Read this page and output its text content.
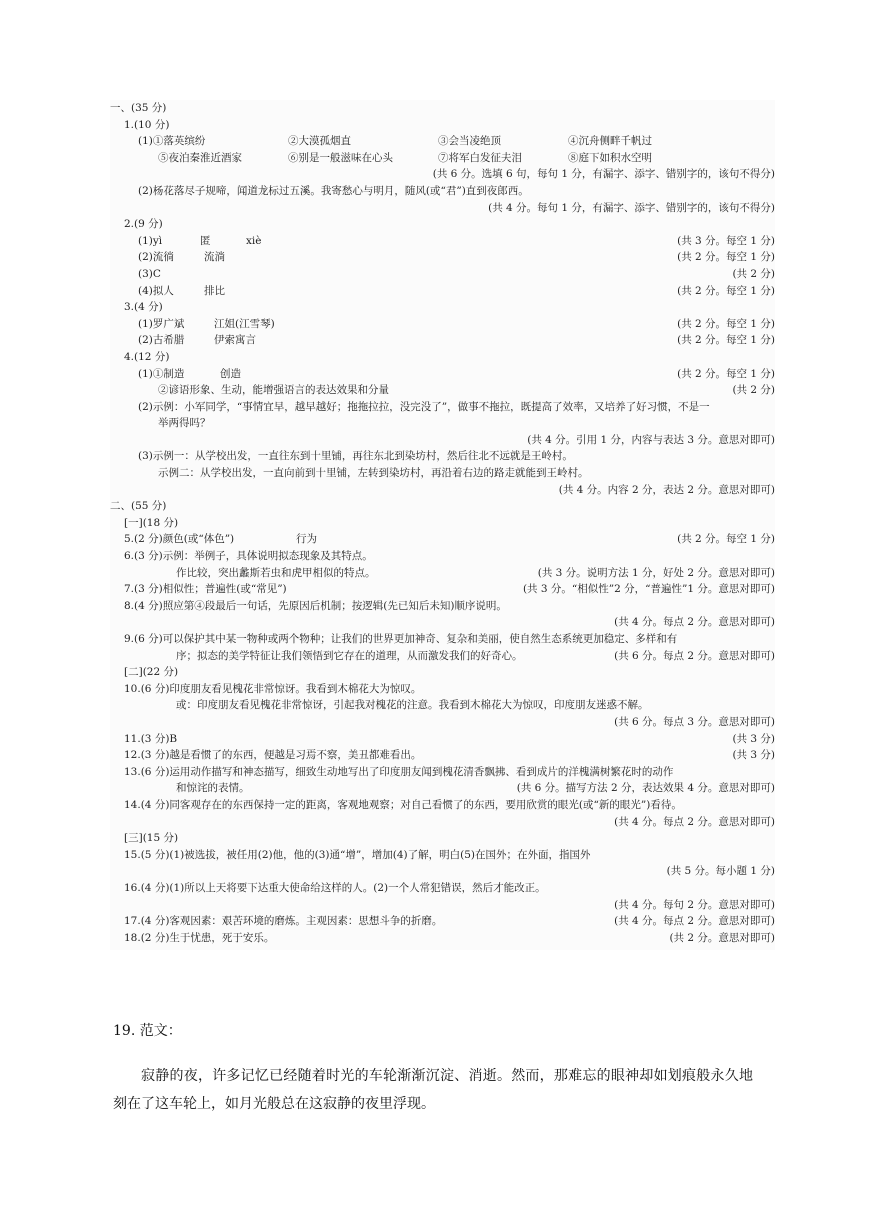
一、(35 分)
1.(10 分)
(1)①落英缤纷	②大漠孤烟直	③会当凌绝顶	④沉舟侧畔千帆过
⑤夜泊秦淮近酒家	⑥别是一般滋味在心头	⑦将军白发征夫泪	⑧庭下如积水空明
(共 6 分。选填 6 句，每句 1 分，有漏字、添字、错别字的，该句不得分)
(2)杨花落尽子规啼，闻道龙标过五溪。我寄愁心与明月，随风(或“君”)直到夜郎西。
(共 4 分。每句 1 分，有漏字、添字、错别字的，该句不得分)
2.(9 分)
(1)yì	匿	xiè	(共 3 分。每空 1 分)
(2)流徜	流淌	(共 2 分。每空 1 分)
(3)C	(共 2 分)
(4)拟人	排比	(共 2 分。每空 1 分)
3.(4 分)
(1)罗广斌	江姐(江雪琴)	(共 2 分。每空 1 分)
(2)古希腊	伊索寓言	(共 2 分。每空 1 分)
4.(12 分)
(1)①制造	创造	(共 2 分。每空 1 分)
②谚语形象、生动，能增强语言的表达效果和分量	(共 2 分)
(2)示例：小军同学，“事情宜早，越早越好；拖拖拉拉，没完没了”，做事不拖拉，既提高了效率，又培养了好习惯，不是一
举两得吗？
(共 4 分。引用 1 分，内容与表达 3 分。意思对即可)
(3)示例一：从学校出发，一直往东到十里铺，再往东北到染坊村，然后往北不远就是王岭村。
示例二：从学校出发，一直向前到十里铺，左转到染坊村，再沿着右边的路走就能到王岭村。
(共 4 分。内容 2 分，表达 2 分。意思对即可)
二、(55 分)
[一](18 分)
5.(2 分)颜色(或“体色”)	行为	(共 2 分。每空 1 分)
6.(3 分)示例：举例子，具体说明拟态现象及其特点。
作比较，突出蠡斯若虫和虎甲相似的特点。	(共 3 分。说明方法 1 分，好处 2 分。意思对即可)
7.(3 分)相似性；普遍性(或“常见”)	(共 3 分。“相似性”2 分，“普遍性”1 分。意思对即可)
8.(4 分)照应第④段最后一句话，先原因后机制；按逻辑(先已知后未知)顺序说明。
(共 4 分。每点 2 分。意思对即可)
9.(6 分)可以保护其中某一物种或两个物种；让我们的世界更加神奇、复杂和美丽，使自然生态系统更加稳定、多样和有
序；拟态的美学特征让我们领悟到它存在的道理，从而激发我们的好奇心。	(共 6 分。每点 2 分。意思对即可)
[二](22 分)
10.(6 分)印度朋友看见槐花非常惊讶。我看到木棉花大为惊叹。
或：印度朋友看见槐花非常惊讶，引起我对槐花的注意。我看到木棉花大为惊叹，印度朋友迷惑不解。
(共 6 分。每点 3 分。意思对即可)
11.(3 分)B	(共 3 分)
12.(3 分)越是看惯了的东西，便越是习焉不察，美丑都难看出。	(共 3 分)
13.(6 分)运用动作描写和神态描写，细致生动地写出了印度朋友闻到槐花清香飘拂、看到成片的洋槐满树繁花时的动作
和惊诧的表情。	(共 6 分。描写方法 2 分，表达效果 4 分。意思对即可)
14.(4 分)同客观存在的东西保持一定的距离，客观地观察；对自己看惯了的东西，要用欣赏的眼光(或“新的眼光”)看待。
(共 4 分。每点 2 分。意思对即可)
[三](15 分)
15.(5 分)(1)被选拔，被任用(2)他，他的(3)通“增”，增加(4)了解，明白(5)在国外；在外面，指国外
(共 5 分。每小题 1 分)
16.(4 分)(1)所以上天将要下达重大使命给这样的人。(2)一个人常犯错误，然后才能改正。
(共 4 分。每句 2 分。意思对即可)
17.(4 分)客观因素：艰苦环境的磨炼。主观因素：思想斗争的折磨。	(共 4 分。每点 2 分。意思对即可)
18.(2 分)生于忧患，死于安乐。	(共 2 分。意思对即可)
19. 范文：

寂静的夜，许多记忆已经随着时光的车轮渐渐沉淀、消逝。然而，那难忘的眼神却如划痕般永久地刻在了这车轮上，如月光般总在这寂静的夜里浮现。
